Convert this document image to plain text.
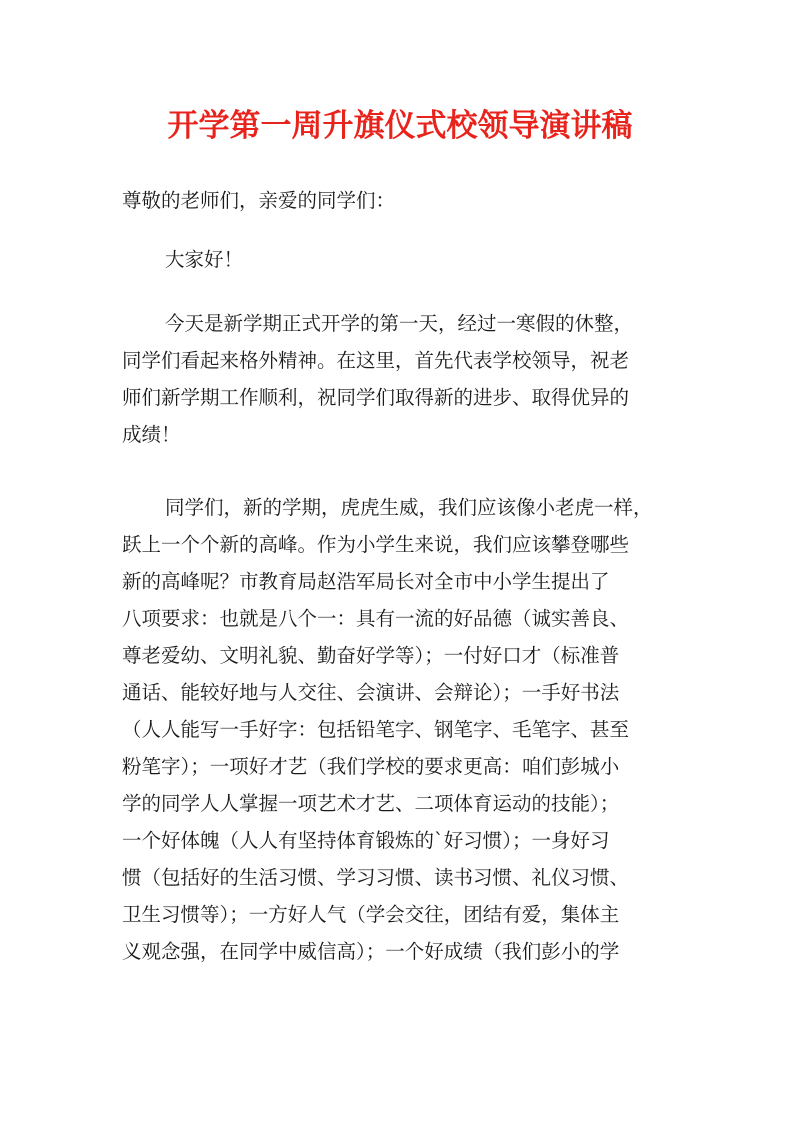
开学第一周升旗仪式校领导演讲稿
尊敬的老师们，亲爱的同学们：
大家好！
今天是新学期正式开学的第一天，经过一寒假的休整，
同学们看起来格外精神。在这里，首先代表学校领导，祝老
师们新学期工作顺利，祝同学们取得新的进步、取得优异的
成绩！
同学们，新的学期，虎虎生威，我们应该像小老虎一样，
跃上一个个新的高峰。作为小学生来说，我们应该攀登哪些
新的高峰呢？市教育局赵浩军局长对全市中小学生提出了
八项要求：也就是八个一：具有一流的好品德（诚实善良、
尊老爱幼、文明礼貌、勤奋好学等）；一付好口才（标准普
通话、能较好地与人交往、会演讲、会辩论）；一手好书法
（人人能写一手好字：包括铅笔字、钢笔字、毛笔字、甚至
粉笔字）；一项好才艺（我们学校的要求更高：咱们彭城小
学的同学人人掌握一项艺术才艺、二项体育运动的技能）；
一个好体魄（人人有坚持体育锻炼的`好习惯）；一身好习
惯（包括好的生活习惯、学习习惯、读书习惯、礼仪习惯、
卫生习惯等）；一方好人气（学会交往，团结有爱，集体主
义观念强，在同学中威信高）；一个好成绩（我们彭小的学
